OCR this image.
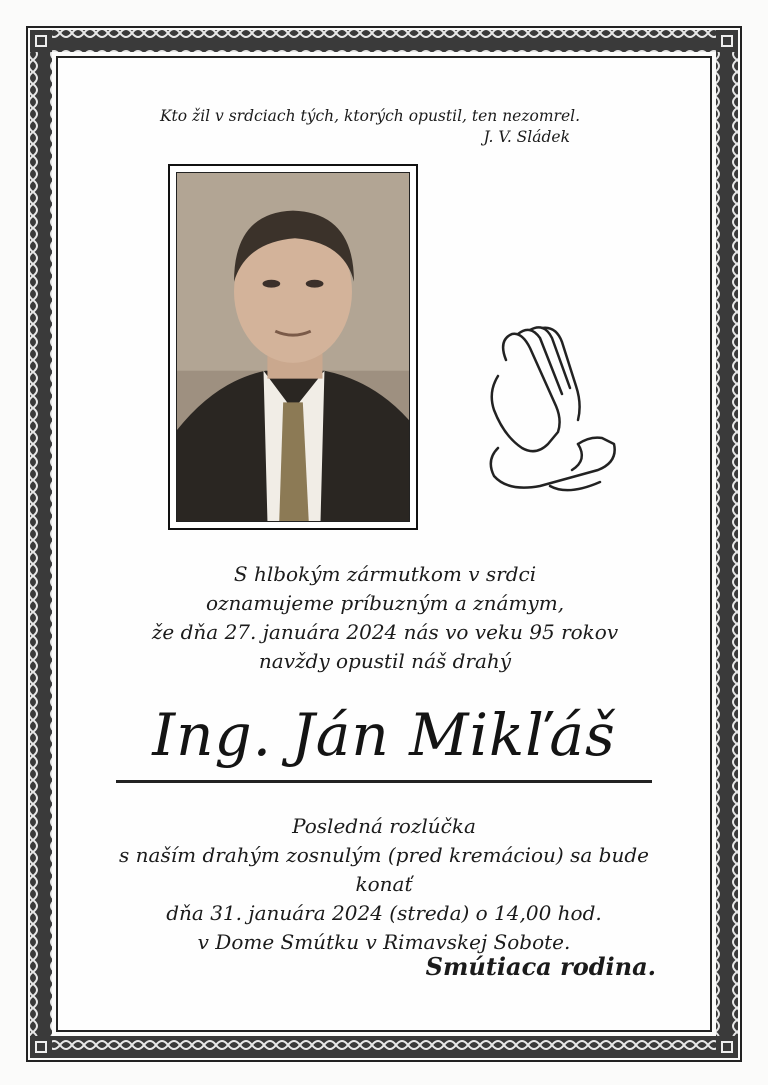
Kto žil v srdciach tých, ktorých opustil, ten nezomrel.
J. V. Sládek
S hlbokým zármutkom v srdci
oznamujeme príbuzným a známym,
že dňa 27. januára 2024 nás vo veku 95 rokov
navždy opustil náš drahý
Ing. Ján Mikľáš
Posledná rozlúčka
s naším drahým zosnulým (pred kremáciou) sa bude konať
dňa 31. januára 2024 (streda) o 14,00 hod.
v Dome Smútku v Rimavskej Sobote.
Smútiaca rodina.
